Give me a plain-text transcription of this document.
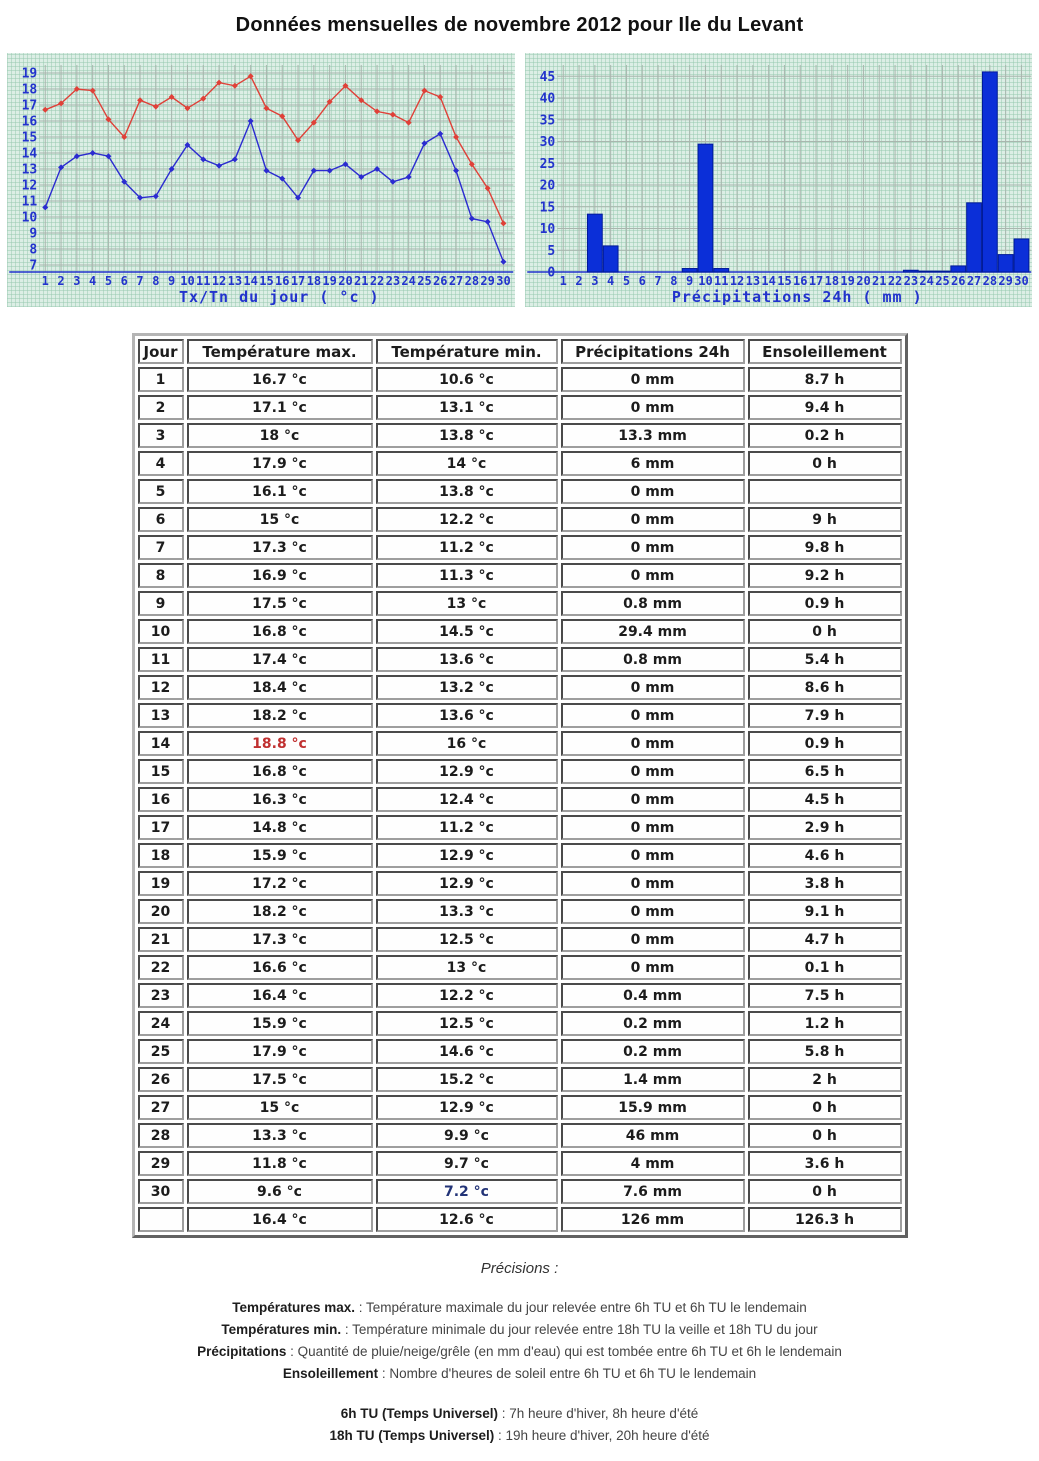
Données mensuelles de novembre 2012 pour Ile du Levant
7
8
9
10
11
12
13
14
15
16
17
18
19
1 2 3 4 5 6 7 8 9 10 11 12 13 14 15 16 17 18 19 20 21 22 23 24 25 26 27 28 29 30
Tx/Tn du jour ( °c )
0
5
10
15
20
25
30
35
40
45
1 2 3 4 5 6 7 8 9 10 11 12 13 14 15 16 17 18 19 20 21 22 23 24 25 26 27 28 29 30
Précipitations 24h ( mm )
Jour	Température max.	Température min.	Précipitations 24h	Ensoleillement
1	16.7 °c	10.6 °c	0 mm	8.7 h
2	17.1 °c	13.1 °c	0 mm	9.4 h
3	18 °c	13.8 °c	13.3 mm	0.2 h
4	17.9 °c	14 °c	6 mm	0 h
5	16.1 °c	13.8 °c	0 mm	
6	15 °c	12.2 °c	0 mm	9 h
7	17.3 °c	11.2 °c	0 mm	9.8 h
8	16.9 °c	11.3 °c	0 mm	9.2 h
9	17.5 °c	13 °c	0.8 mm	0.9 h
10	16.8 °c	14.5 °c	29.4 mm	0 h
11	17.4 °c	13.6 °c	0.8 mm	5.4 h
12	18.4 °c	13.2 °c	0 mm	8.6 h
13	18.2 °c	13.6 °c	0 mm	7.9 h
14	18.8 °c	16 °c	0 mm	0.9 h
15	16.8 °c	12.9 °c	0 mm	6.5 h
16	16.3 °c	12.4 °c	0 mm	4.5 h
17	14.8 °c	11.2 °c	0 mm	2.9 h
18	15.9 °c	12.9 °c	0 mm	4.6 h
19	17.2 °c	12.9 °c	0 mm	3.8 h
20	18.2 °c	13.3 °c	0 mm	9.1 h
21	17.3 °c	12.5 °c	0 mm	4.7 h
22	16.6 °c	13 °c	0 mm	0.1 h
23	16.4 °c	12.2 °c	0.4 mm	7.5 h
24	15.9 °c	12.5 °c	0.2 mm	1.2 h
25	17.9 °c	14.6 °c	0.2 mm	5.8 h
26	17.5 °c	15.2 °c	1.4 mm	2 h
27	15 °c	12.9 °c	15.9 mm	0 h
28	13.3 °c	9.9 °c	46 mm	0 h
29	11.8 °c	9.7 °c	4 mm	3.6 h
30	9.6 °c	7.2 °c	7.6 mm	0 h
	16.4 °c	12.6 °c	126 mm	126.3 h
Précisions :
Températures max. : Température maximale du jour relevée entre 6h TU et 6h TU le lendemain
Températures min. : Température minimale du jour relevée entre 18h TU la veille et 18h TU du jour
Précipitations : Quantité de pluie/neige/grêle (en mm d'eau) qui est tombée entre 6h TU et 6h le lendemain
Ensoleillement : Nombre d'heures de soleil entre 6h TU et 6h TU le lendemain
6h TU (Temps Universel) : 7h heure d'hiver, 8h heure d'été
18h TU (Temps Universel) : 19h heure d'hiver, 20h heure d'été
